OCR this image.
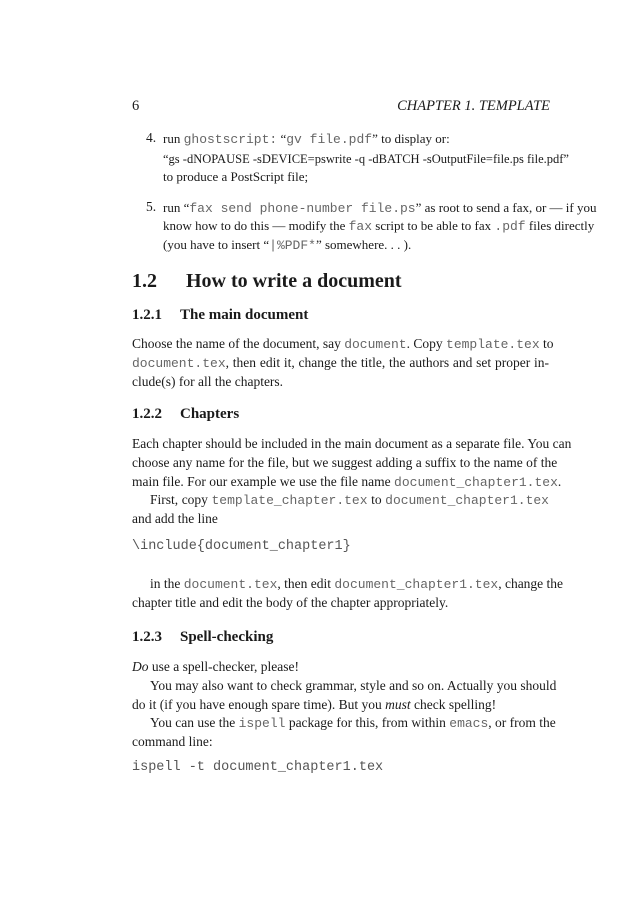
6	CHAPTER 1. TEMPLATE
4. run ghostscript: “gv file.pdf” to display or:
“gs -dNOPAUSE -sDEVICE=pswrite -q -dBATCH -sOutputFile=file.ps file.pdf”
to produce a PostScript file;
5. run “fax send phone-number file.ps” as root to send a fax, or — if you
know how to do this — modify the fax script to be able to fax .pdf files directly
(you have to insert “|%PDF*” somewhere. . . ).
1.2 How to write a document
1.2.1 The main document
Choose the name of the document, say document. Copy template.tex to
document.tex, then edit it, change the title, the authors and set proper in-
clude(s) for all the chapters.
1.2.2 Chapters
Each chapter should be included in the main document as a separate file. You can
choose any name for the file, but we suggest adding a suffix to the name of the
main file. For our example we use the file name document_chapter1.tex.
First, copy template_chapter.tex to document_chapter1.tex
and add the line
\include{document_chapter1}
in the document.tex, then edit document_chapter1.tex, change the
chapter title and edit the body of the chapter appropriately.
1.2.3 Spell-checking
Do use a spell-checker, please!
You may also want to check grammar, style and so on. Actually you should
do it (if you have enough spare time). But you must check spelling!
You can use the ispell package for this, from within emacs, or from the
command line:
ispell -t document_chapter1.tex
